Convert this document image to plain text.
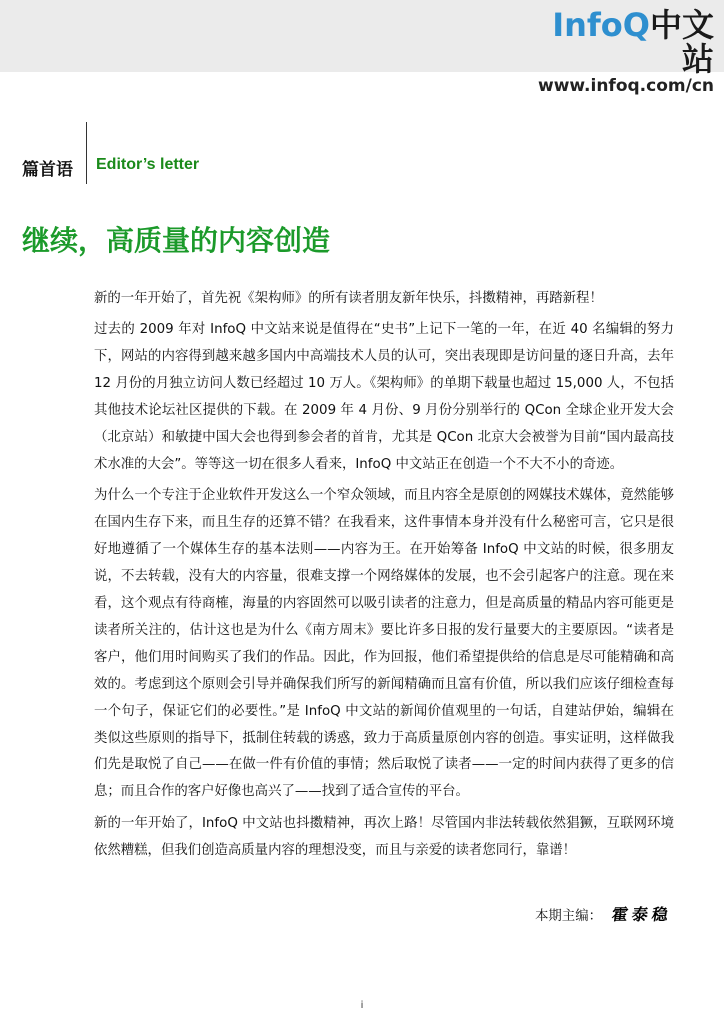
InfoQ中文站
www.infoq.com/cn
篇首语 Editor’s letter
继续，高质量的内容创造

新的一年开始了，首先祝《架构师》的所有读者朋友新年快乐，抖擞精神，再踏新程！

过去的 2009 年对 InfoQ 中文站来说是值得在“史书”上记下一笔的一年，在近 40 名编辑的努力下，网站的内容得到越来越多国内中高端技术人员的认可，突出表现即是访问量的逐日升高，去年 12 月份的月独立访问人数已经超过 10 万人。《架构师》的单期下载量也超过 15,000 人，不包括其他技术论坛社区提供的下载。在 2009 年 4 月份、9 月份分别举行的 QCon 全球企业开发大会（北京站）和敏捷中国大会也得到参会者的首肯，尤其是 QCon 北京大会被誉为目前“国内最高技术水准的大会”。等等这一切在很多人看来，InfoQ 中文站正在创造一个不大不小的奇迹。

为什么一个专注于企业软件开发这么一个窄众领域，而且内容全是原创的网媒技术媒体，竟然能够在国内生存下来，而且生存的还算不错？在我看来，这件事情本身并没有什么秘密可言，它只是很好地遵循了一个媒体生存的基本法则——内容为王。在开始筹备 InfoQ 中文站的时候，很多朋友说，不去转载，没有大的内容量，很难支撑一个网络媒体的发展，也不会引起客户的注意。现在来看，这个观点有待商榷，海量的内容固然可以吸引读者的注意力，但是高质量的精品内容可能更是读者所关注的，估计这也是为什么《南方周末》要比许多日报的发行量要大的主要原因。“读者是客户，他们用时间购买了我们的作品。因此，作为回报，他们希望提供给的信息是尽可能精确和高效的。考虑到这个原则会引导并确保我们所写的新闻精确而且富有价值，所以我们应该仔细检查每一个句子，保证它们的必要性。”是 InfoQ 中文站的新闻价值观里的一句话，自建站伊始，编辑在类似这些原则的指导下，抵制住转载的诱惑，致力于高质量原创内容的创造。事实证明，这样做我们先是取悦了自己——在做一件有价值的事情；然后取悦了读者——一定的时间内获得了更多的信息；而且合作的客户好像也高兴了——找到了适合宣传的平台。

新的一年开始了，InfoQ 中文站也抖擞精神，再次上路！尽管国内非法转载依然猖獗，互联网环境依然糟糕，但我们创造高质量内容的理想没变，而且与亲爱的读者您同行，靠谱！

本期主编： 霍泰稳
i
